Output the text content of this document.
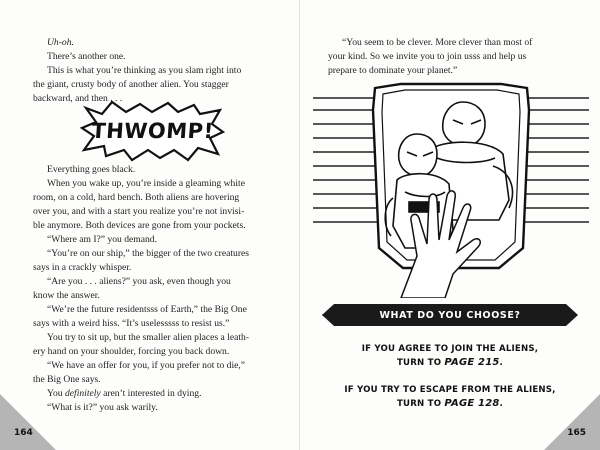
Uh-oh.
There’s another one.
This is what you’re thinking as you slam right into
the giant, crusty body of another alien. You stagger
backward, and then . . .
THWOMP!
Everything goes black.
When you wake up, you’re inside a gleaming white
room, on a cold, hard bench. Both aliens are hovering
over you, and with a start you realize you’re not invisi-
ble anymore. Both devices are gone from your pockets.
“Where am I?” you demand.
“You’re on our ship,” the bigger of the two creatures
says in a crackly whisper.
“Are you . . . aliens?” you ask, even though you
know the answer.
“We’re the future residentsss of Earth,” the Big One
says with a weird hiss. “It’s uselesssss to resist us.”
You try to sit up, but the smaller alien places a leath-
ery hand on your shoulder, forcing you back down.
“We have an offer for you, if you prefer not to die,”
the Big One says.
You definitely aren’t interested in dying.
“What is it?” you ask warily.
164
“You seem to be clever. More clever than most of
your kind. So we invite you to join usss and help us
prepare to dominate your planet.”
WHAT DO YOU CHOOSE?
IF YOU AGREE TO JOIN THE ALIENS,
TURN TO PAGE 215.
IF YOU TRY TO ESCAPE FROM THE ALIENS,
TURN TO PAGE 128.
165
